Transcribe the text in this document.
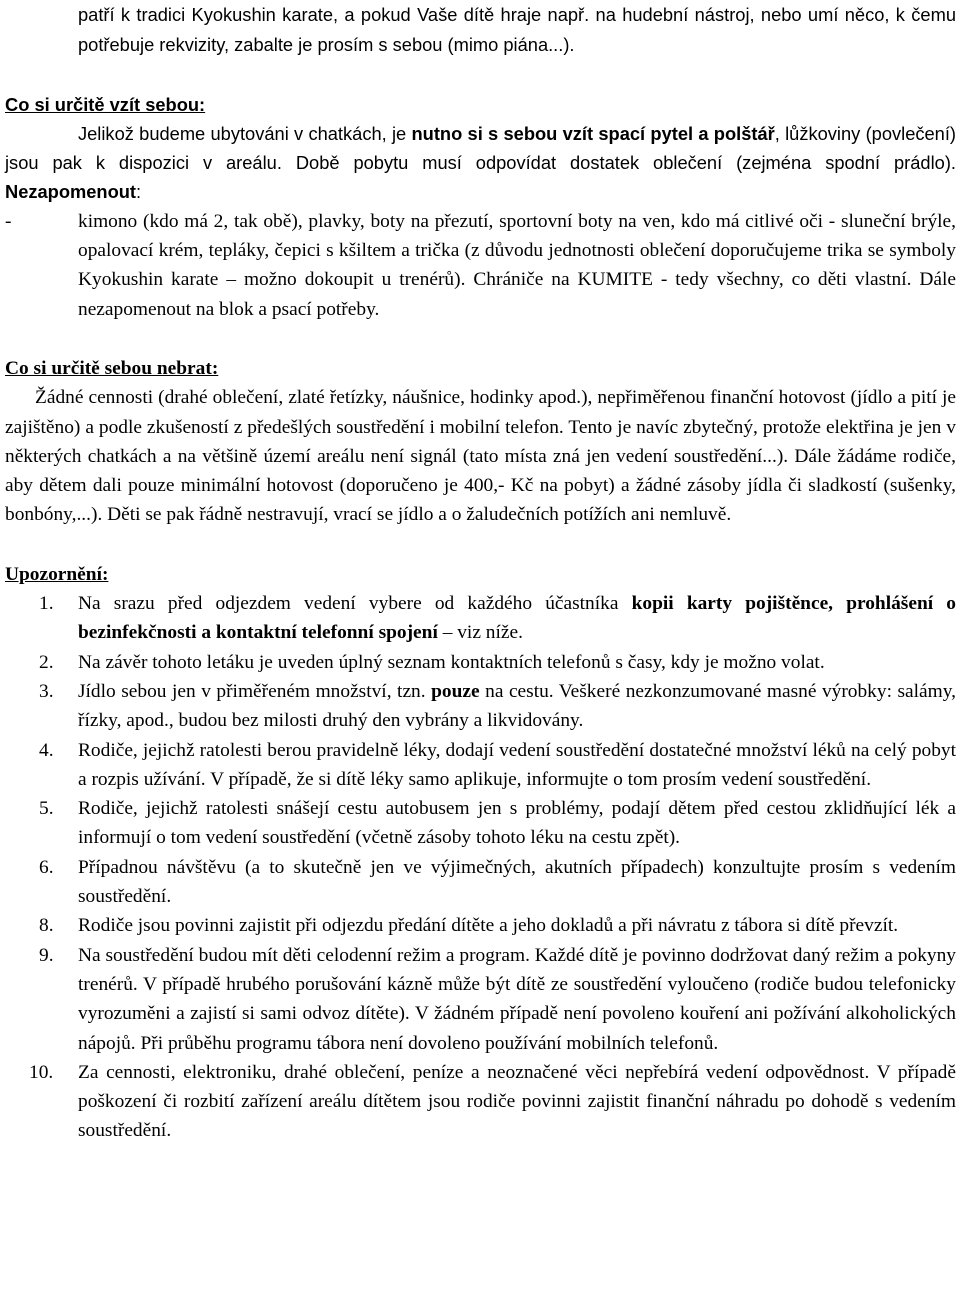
patří k tradici Kyokushin karate, a pokud Vaše dítě hraje např. na hudební nástroj, nebo umí něco, k čemu potřebuje rekvizity, zabalte je prosím s sebou (mimo piána...).

Co si určitě vzít sebou:

Jelikož budeme ubytováni v chatkách, je nutno si s sebou vzít spací pytel a polštář, lůžkoviny (povlečení) jsou pak k dispozici v areálu. Době pobytu musí odpovídat dostatek oblečení (zejména spodní prádlo). Nezapomenout:

-	kimono (kdo má 2, tak obě), plavky, boty na přezutí, sportovní boty na ven, kdo má citlivé oči - sluneční brýle, opalovací krém, tepláky, čepici s kšiltem a trička (z důvodu jednotnosti oblečení doporučujeme trika se symboly Kyokushin karate – možno dokoupit u trenérů). Chrániče na KUMITE - tedy všechny, co děti vlastní. Dále nezapomenout na blok a psací potřeby.

Co si určitě sebou nebrat:

Žádné cennosti (drahé oblečení, zlaté řetízky, náušnice, hodinky apod.), nepřiměřenou finanční hotovost (jídlo a pití je zajištěno) a podle zkušeností z předešlých soustředění i mobilní telefon. Tento je navíc zbytečný, protože elektřina je jen v některých chatkách a na většině území areálu není signál (tato místa zná jen vedení soustředění...). Dále žádáme rodiče, aby dětem dali pouze minimální hotovost (doporučeno je 400,- Kč na pobyt) a žádné zásoby jídla či sladkostí (sušenky, bonbóny,...). Děti se pak řádně nestravují, vrací se jídlo a o žaludečních potížích ani nemluvě.

Upozornění:

1.	Na srazu před odjezdem vedení vybere od každého účastníka kopii karty pojištěnce, prohlášení o bezinfekčnosti a kontaktní telefonní spojení – viz níže.
2.	Na závěr tohoto letáku je uveden úplný seznam kontaktních telefonů s časy, kdy je možno volat.
3.	Jídlo sebou jen v přiměřeném množství, tzn. pouze na cestu. Veškeré nezkonzumované masné výrobky: salámy, řízky, apod., budou bez milosti druhý den vybrány a likvidovány.
4.	Rodiče, jejichž ratolesti berou pravidelně léky, dodají vedení soustředění dostatečné množství léků na celý pobyt a rozpis užívání. V případě, že si dítě léky samo aplikuje, informujte o tom prosím vedení soustředění.
5.	Rodiče, jejichž ratolesti snášejí cestu autobusem jen s problémy, podají dětem před cestou zklidňující lék a informují o tom vedení soustředění (včetně zásoby tohoto léku na cestu zpět).
6.	Případnou návštěvu (a to skutečně jen ve výjimečných, akutních případech) konzultujte prosím s vedením soustředění.
8.	Rodiče jsou povinni zajistit při odjezdu předání dítěte a jeho dokladů a při návratu z tábora si dítě převzít.
9.	Na soustředění budou mít děti celodenní režim a program. Každé dítě je povinno dodržovat daný režim a pokyny trenérů. V případě hrubého porušování kázně může být dítě ze soustředění vyloučeno (rodiče budou telefonicky vyrozuměni a zajistí si sami odvoz dítěte). V žádném případě není povoleno kouření ani požívání alkoholických nápojů. Při průběhu programu tábora není dovoleno používání mobilních telefonů.
10.	Za cennosti, elektroniku, drahé oblečení, peníze a neoznačené věci nepřebírá vedení odpovědnost. V případě poškození či rozbití zařízení areálu dítětem jsou rodiče povinni zajistit finanční náhradu po dohodě s vedením soustředění.
